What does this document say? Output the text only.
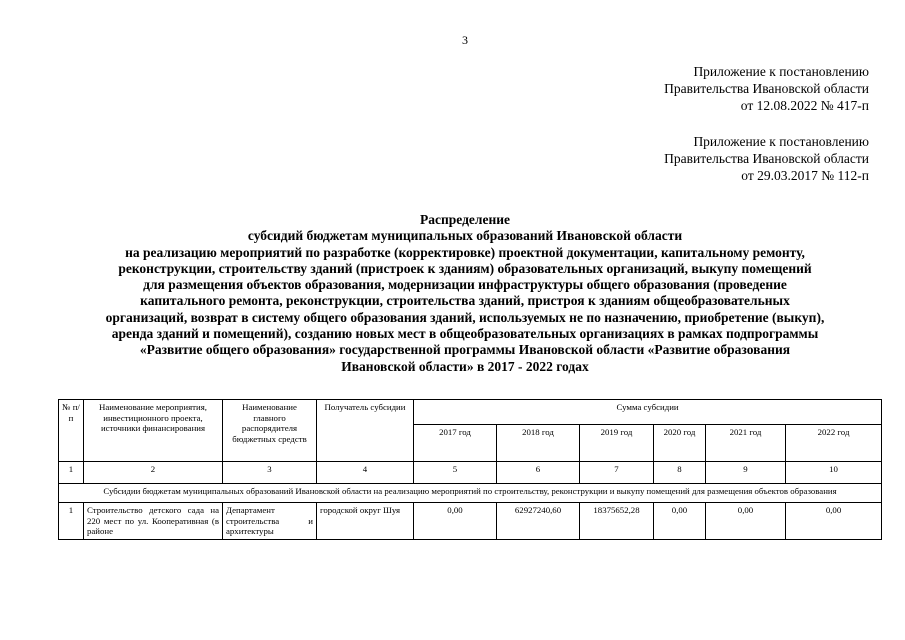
3
Приложение к постановлению
Правительства Ивановской области
от 12.08.2022 № 417-п
Приложение к постановлению
Правительства Ивановской области
от 29.03.2017 № 112-п
Распределение
субсидий бюджетам муниципальных образований Ивановской области
на реализацию мероприятий по разработке (корректировке) проектной документации, капитальному ремонту,
реконструкции, строительству зданий (пристроек к зданиям) образовательных организаций, выкупу помещений
для размещения объектов образования, модернизации инфраструктуры общего образования (проведение
капитального ремонта, реконструкции, строительства зданий, пристроя к зданиям общеобразовательных
организаций, возврат в систему общего образования зданий, используемых не по назначению, приобретение (выкуп),
аренда зданий и помещений), созданию новых мест в общеобразовательных организациях в рамках подпрограммы
«Развитие общего образования» государственной программы Ивановской области «Развитие образования
Ивановской области» в 2017 - 2022 годах
№ п/п	Наименование мероприятия, инвестиционного проекта, источники финансирования	Наименование главного распорядителя бюджетных средств	Получатель субсидии	Сумма субсидии					
				2017 год	2018 год	2019 год	2020 год	2021 год	2022 год
1	2	3	4	5	6	7	8	9	10
Субсидии бюджетам муниципальных образований Ивановской области на реализацию мероприятий по строительству, реконструкции и выкупу помещений для размещения объектов образования									
1	Строительство детского сада на 220 мест по ул. Кооперативная (в районе	Департамент строительства и архитектуры	городской округ Шуя	0,00	62927240,60	18375652,28	0,00	0,00	0,00
